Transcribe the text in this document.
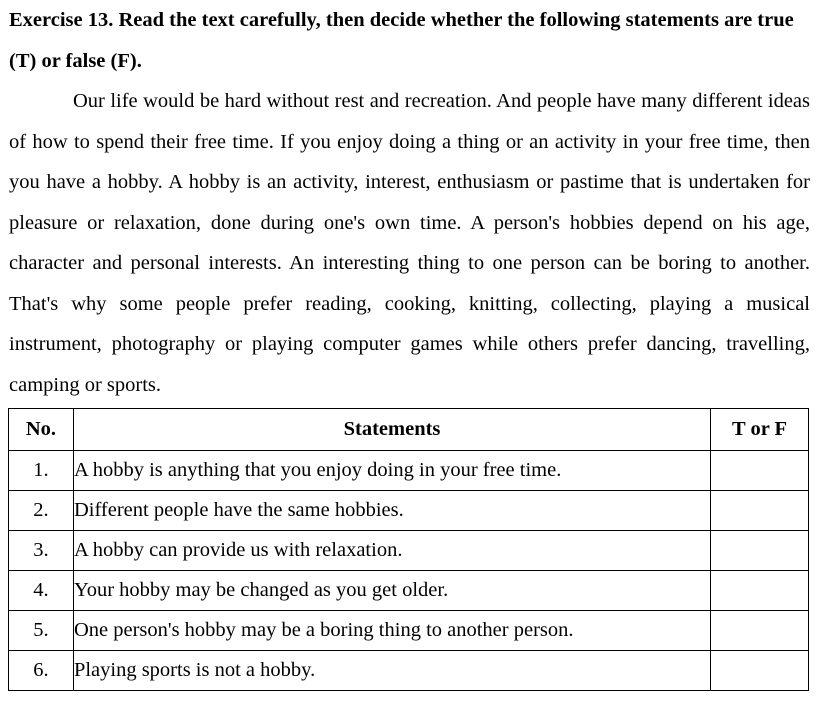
Exercise 13. Read the text carefully, then decide whether the following statements are true (T) or false (F).

Our life would be hard without rest and recreation. And people have many different ideas of how to spend their free time. If you enjoy doing a thing or an activity in your free time, then you have a hobby. A hobby is an activity, interest, enthusiasm or pastime that is undertaken for pleasure or relaxation, done during one's own time. A person's hobbies depend on his age, character and personal interests. An interesting thing to one person can be boring to another. That's why some people prefer reading, cooking, knitting, collecting, playing a musical instrument, photography or playing computer games while others prefer dancing, travelling, camping or sports.

No.	Statements	T or F
1.	A hobby is anything that you enjoy doing in your free time.	
2.	Different people have the same hobbies.	
3.	A hobby can provide us with relaxation.	
4.	Your hobby may be changed as you get older.	
5.	One person's hobby may be a boring thing to another person.	
6.	Playing sports is not a hobby.	
